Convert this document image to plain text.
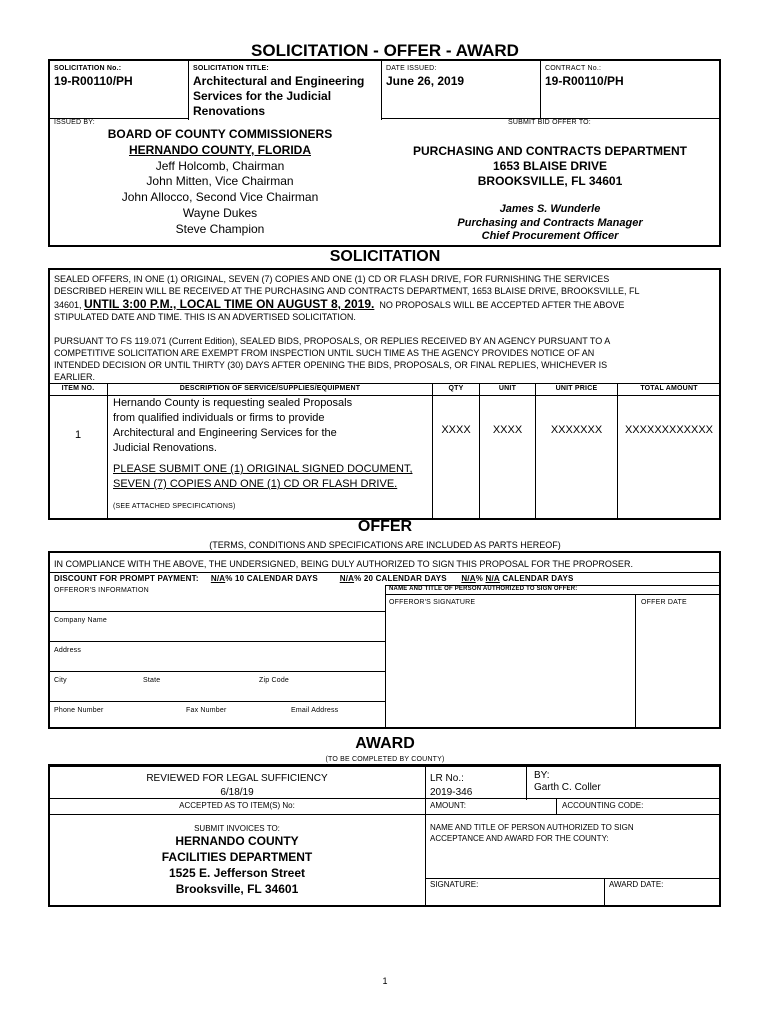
SOLICITATION - OFFER - AWARD
SOLICITATION No.:
19-R00110/PH
SOLICITATION TITLE:
Architectural and Engineering
Services for the Judicial
Renovations
DATE ISSUED:
June 26, 2019
CONTRACT No.:
19-R00110/PH
ISSUED BY:	SUBMIT BID OFFER TO:
BOARD OF COUNTY COMMISSIONERS
HERNANDO COUNTY, FLORIDA
Jeff Holcomb, Chairman
John Mitten, Vice Chairman
John Allocco, Second Vice Chairman
Wayne Dukes
Steve Champion
PURCHASING AND CONTRACTS DEPARTMENT
1653 BLAISE DRIVE
BROOKSVILLE, FL 34601
James S. Wunderle
Purchasing and Contracts Manager
Chief Procurement Officer
SOLICITATION
SEALED OFFERS, IN ONE (1) ORIGINAL, SEVEN (7) COPIES AND ONE (1) CD OR FLASH DRIVE, FOR FURNISHING THE SERVICES
DESCRIBED HEREIN WILL BE RECEIVED AT THE PURCHASING AND CONTRACTS DEPARTMENT, 1653 BLAISE DRIVE, BROOKSVILLE, FL
34601, UNTIL 3:00 P.M., LOCAL TIME ON AUGUST 8, 2019. NO PROPOSALS WILL BE ACCEPTED AFTER THE ABOVE
STIPULATED DATE AND TIME. THIS IS AN ADVERTISED SOLICITATION.
PURSUANT TO FS 119.071 (Current Edition), SEALED BIDS, PROPOSALS, OR REPLIES RECEIVED BY AN AGENCY PURSUANT TO A
COMPETITIVE SOLICITATION ARE EXEMPT FROM INSPECTION UNTIL SUCH TIME AS THE AGENCY PROVIDES NOTICE OF AN
INTENDED DECISION OR UNTIL THIRTY (30) DAYS AFTER OPENING THE BIDS, PROPOSALS, OR FINAL REPLIES, WHICHEVER IS
EARLIER.
ITEM NO.	DESCRIPTION OF SERVICE/SUPPLIES/EQUIPMENT	QTY	UNIT	UNIT PRICE	TOTAL AMOUNT
1
Hernando County is requesting sealed Proposals
from qualified individuals or firms to provide
Architectural and Engineering Services for the
Judicial Renovations.
PLEASE SUBMIT ONE (1) ORIGINAL SIGNED DOCUMENT,
SEVEN (7) COPIES AND ONE (1) CD OR FLASH DRIVE.
(SEE ATTACHED SPECIFICATIONS)
XXXX	XXXX	XXXXXXX	XXXXXXXXXXXX
OFFER
(TERMS, CONDITIONS AND SPECIFICATIONS ARE INCLUDED AS PARTS HEREOF)
IN COMPLIANCE WITH THE ABOVE, THE UNDERSIGNED, BEING DULY AUTHORIZED TO SIGN THIS PROPOSAL FOR THE PROPROSER.
DISCOUNT FOR PROMPT PAYMENT: N/A% 10 CALENDAR DAYS	N/A% 20 CALENDAR DAYS N/A% N/A CALENDAR DAYS
OFFEROR'S INFORMATION	NAME AND TITLE OF PERSON AUTHORIZED TO SIGN OFFER:
OFFEROR'S SIGNATURE	OFFER DATE
Company Name
Address
City	State	Zip Code
Phone Number	Fax Number	Email Address
AWARD
(TO BE COMPLETED BY COUNTY)
REVIEWED FOR LEGAL SUFFICIENCY
6/18/19
LR No.:
2019-346
BY:
Garth C. Coller
ACCEPTED AS TO ITEM(S) No:	AMOUNT:	ACCOUNTING CODE:
SUBMIT INVOICES TO:
HERNANDO COUNTY
FACILITIES DEPARTMENT
1525 E. Jefferson Street
Brooksville, FL 34601
NAME AND TITLE OF PERSON AUTHORIZED TO SIGN
ACCEPTANCE AND AWARD FOR THE COUNTY:
SIGNATURE:	AWARD DATE:
1
